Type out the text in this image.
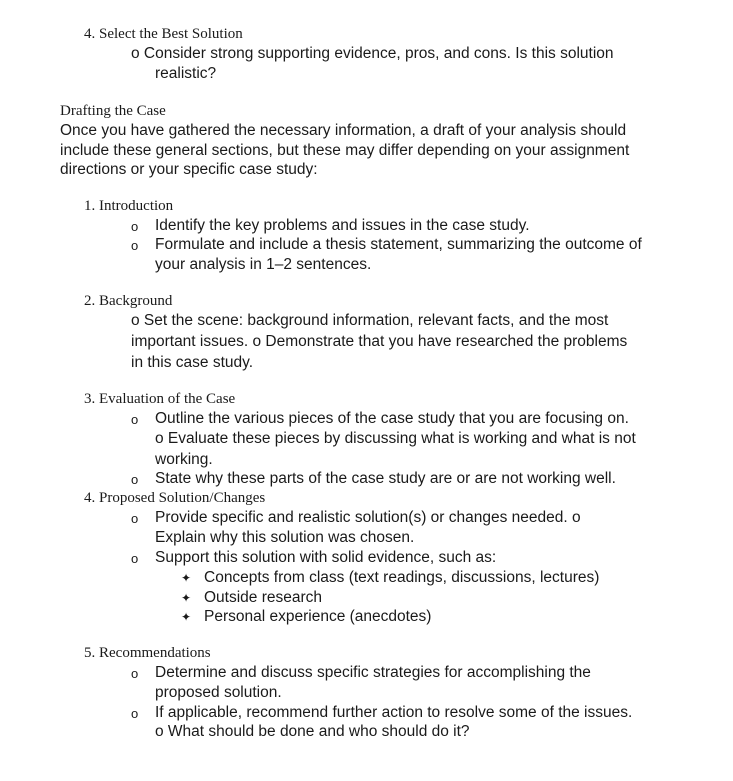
4. Select the Best Solution
o Consider strong supporting evidence, pros, and cons. Is this solution
realistic?
Drafting the Case
Once you have gathered the necessary information, a draft of your analysis should
include these general sections, but these may differ depending on your assignment
directions or your specific case study:
1. Introduction
o Identify the key problems and issues in the case study.
o Formulate and include a thesis statement, summarizing the outcome of
your analysis in 1–2 sentences.
2. Background
o Set the scene: background information, relevant facts, and the most
important issues. o Demonstrate that you have researched the problems
in this case study.
3. Evaluation of the Case
o Outline the various pieces of the case study that you are focusing on.
o Evaluate these pieces by discussing what is working and what is not
working.
o State why these parts of the case study are or are not working well.
4. Proposed Solution/Changes
o Provide specific and realistic solution(s) or changes needed. o
Explain why this solution was chosen.
o Support this solution with solid evidence, such as:
✦ Concepts from class (text readings, discussions, lectures)
✦ Outside research
✦ Personal experience (anecdotes)
5. Recommendations
o Determine and discuss specific strategies for accomplishing the
proposed solution.
o If applicable, recommend further action to resolve some of the issues.
o What should be done and who should do it?
